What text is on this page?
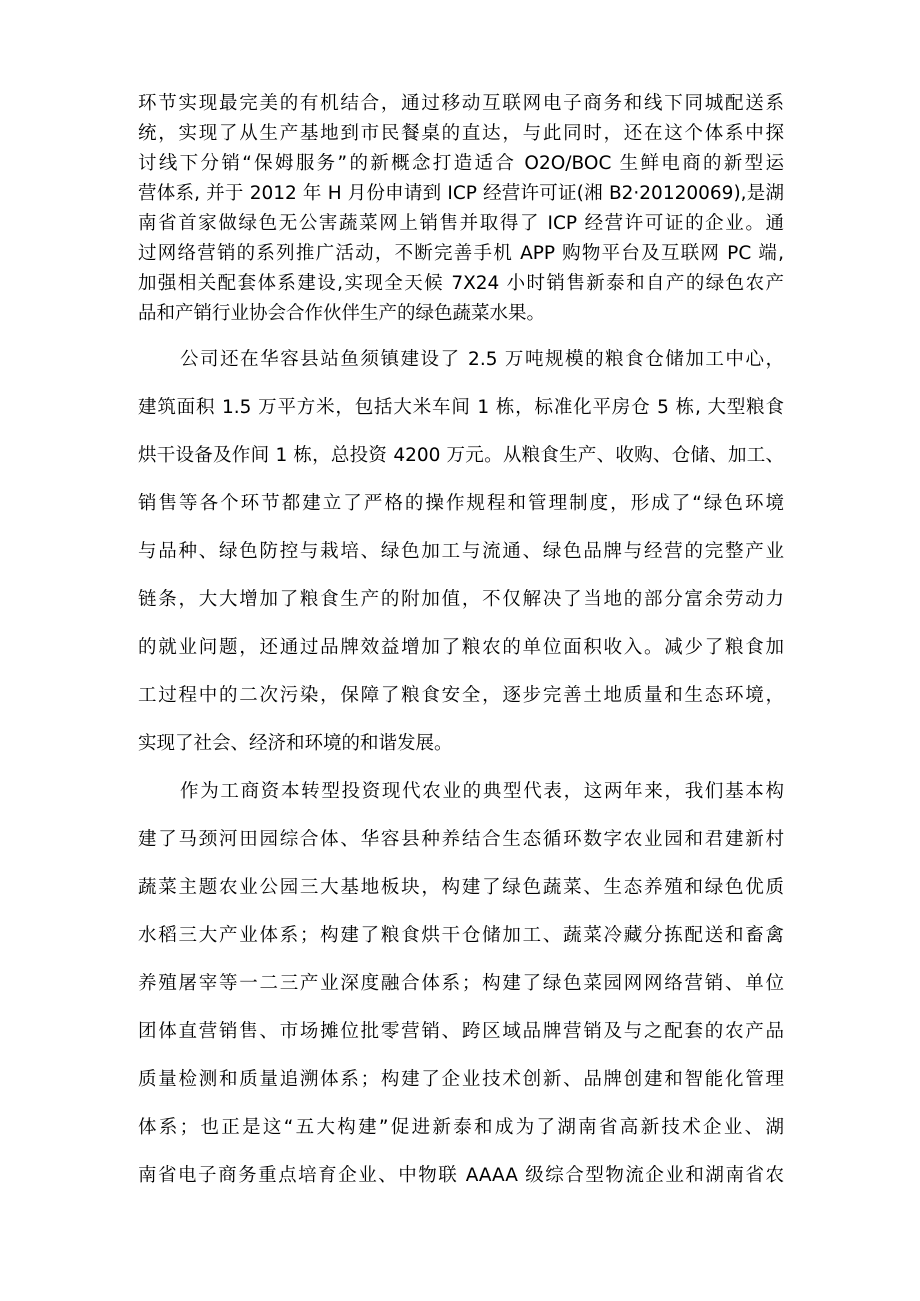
环节实现最完美的有机结合，通过移动互联网电子商务和线下同城配送系
统，实现了从生产基地到市民餐桌的直达，与此同时，还在这个体系中探
讨线下分销“保姆服务”的新概念打造适合 O2O/BOC 生鲜电商的新型运
营体系, 并于 2012 年 H 月份申请到 ICP 经营许可证(湘 B2·20120069),是湖
南省首家做绿色无公害蔬菜网上销售并取得了 ICP 经营许可证的企业。通
过网络营销的系列推广活动，不断完善手机 APP 购物平台及互联网 PC 端,
加强相关配套体系建设,实现全天候 7X24 小时销售新泰和自产的绿色农产
品和产销行业协会合作伙伴生产的绿色蔬菜水果。
公司还在华容县站鱼须镇建设了 2.5 万吨规模的粮食仓储加工中心，
建筑面积 1.5 万平方米，包括大米车间 1 栋，标准化平房仓 5 栋, 大型粮食
烘干设备及作间 1 栋，总投资 4200 万元。从粮食生产、收购、仓储、加工、
销售等各个环节都建立了严格的操作规程和管理制度，形成了“绿色环境
与品种、绿色防控与栽培、绿色加工与流通、绿色品牌与经营的完整产业
链条，大大增加了粮食生产的附加值，不仅解决了当地的部分富余劳动力
的就业问题，还通过品牌效益增加了粮农的单位面积收入。减少了粮食加
工过程中的二次污染，保障了粮食安全，逐步完善土地质量和生态环境，
实现了社会、经济和环境的和谐发展。
作为工商资本转型投资现代农业的典型代表，这两年来，我们基本构
建了马颈河田园综合体、华容县种养结合生态循环数字农业园和君建新村
蔬菜主题农业公园三大基地板块，构建了绿色蔬菜、生态养殖和绿色优质
水稻三大产业体系；构建了粮食烘干仓储加工、蔬菜冷藏分拣配送和畜禽
养殖屠宰等一二三产业深度融合体系；构建了绿色菜园网网络营销、单位
团体直营销售、市场摊位批零营销、跨区域品牌营销及与之配套的农产品
质量检测和质量追溯体系；构建了企业技术创新、品牌创建和智能化管理
体系；也正是这“五大构建”促进新泰和成为了湖南省高新技术企业、湖
南省电子商务重点培育企业、中物联 AAAA 级综合型物流企业和湖南省农
